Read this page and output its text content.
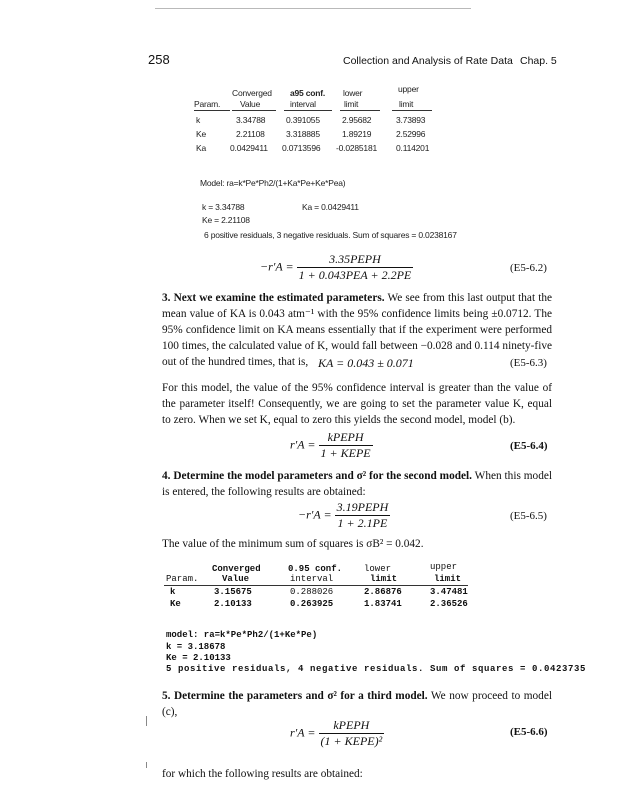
258	Collection and Analysis of Rate Data Chap. 5
Converged a95 conf. lower	upper
Param. Value	interval	limit	limit
k	3.34788 0.391055	2.95682	3.73893
Ke	2.21108	3.318885	1.89219	2.52996
Ka	0.0429411 0.0713596 -0.0285181 0.114201
Model: ra=k*Pe*Ph2/(1+Ka*Pe+Ke*Pea)
k = 3.34788	Ka = 0.0429411
Ke = 2.21108
6 positive residuals, 3 negative residuals. Sum of squares = 0.0238167
$-r'A = \frac{\text{3.35PEPH}}{\text{1 + 0.043PEA + 2.2PE}}$	(E5-6.2)
3. Next we examine the estimated parameters. We see from this last output that the mean value of KA is 0.043 atm⁻¹ with the 95% confidence limits being ±0.0712. The 95% confidence limit on KA means essentially that if the experiment were performed 100 times, the calculated value of K, would fall between −0.028 and 0.114 ninety-five out of the hundred times, that is, KA = 0.043 ± 0.071	(E5-6.3)
For this model, the value of the 95% confidence interval is greater than the value of the parameter itself! Consequently, we are going to set the parameter value K, equal to zero. When we set K, equal to zero this yields the second model, model (b).
$r'A = \frac{\text{kPEPH}}{\text{1 + KEPE}}$	(E5-6.4)
4. Determine the model parameters and σ² for the second model. When this model is entered, the following results are obtained:
$-r'A = \frac{\text{3.19PEPH}}{1 + 2.1PE}$	(E5-6.5)
The value of the minimum sum of squares is σB² = 0.042.
Converged	0.95 conf. lower	upper
Param.	Value	interval	limit	limit
k	3.15675	0.288026	2.86876	3.47481
Ke	2.10133	0.263925	1.83741	2.36526
model: ra=k*Pe*Ph2/(1+Ke*Pe)
k = 3.18678
Ke = 2.10133
5 positive residuals, 4 negative residuals. Sum of squares = 0.0423735
5. Determine the parameters and σ² for a third model. We now proceed to model (c),
$r'A = \frac{\text{kPEPH}}{\text{(1 + KEPE)²}}$	(E5-6.6)
for which the following results are obtained:
